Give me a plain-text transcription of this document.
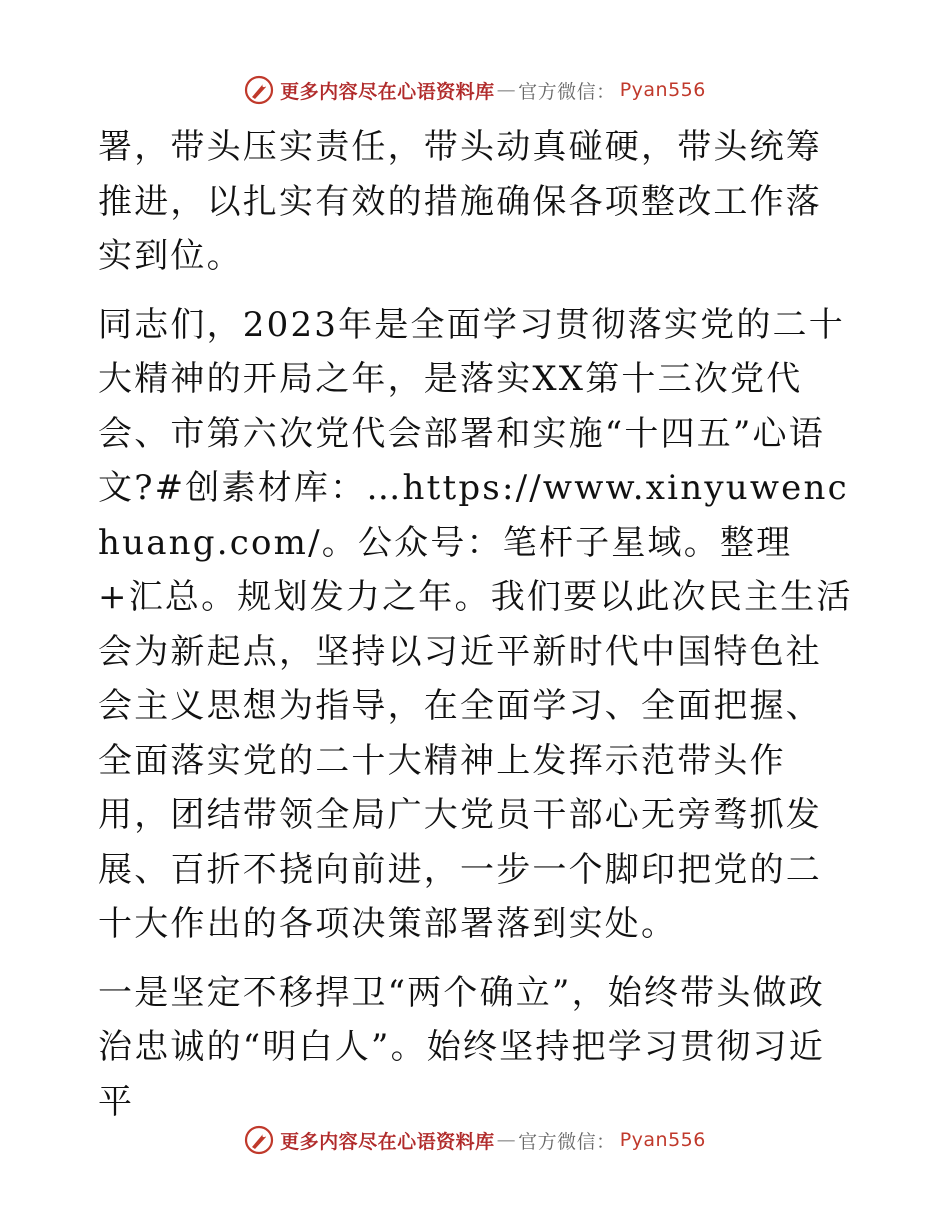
更多内容尽在心语资料库 — 官方微信： Pyan556

署，带头压实责任，带头动真碰硬，带头统筹推进，以扎实有效的措施确保各项整改工作落实到位。

同志们，2023年是全面学习贯彻落实党的二十大精神的开局之年，是落实XX第十三次党代会、市第六次党代会部署和实施“十四五”心语文?#创素材库：…https://www.xinyuwenchuang.com/。公众号：笔杆子星域。整理+汇总。规划发力之年。我们要以此次民主生活会为新起点，坚持以习近平新时代中国特色社会主义思想为指导，在全面学习、全面把握、全面落实党的二十大精神上发挥示范带头作用，团结带领全局广大党员干部心无旁骛抓发展、百折不挠向前进，一步一个脚印把党的二十大作出的各项决策部署落到实处。

一是坚定不移捍卫“两个确立”，始终带头做政治忠诚的“明白人”。始终坚持把学习贯彻习近平

更多内容尽在心语资料库 — 官方微信： Pyan556
